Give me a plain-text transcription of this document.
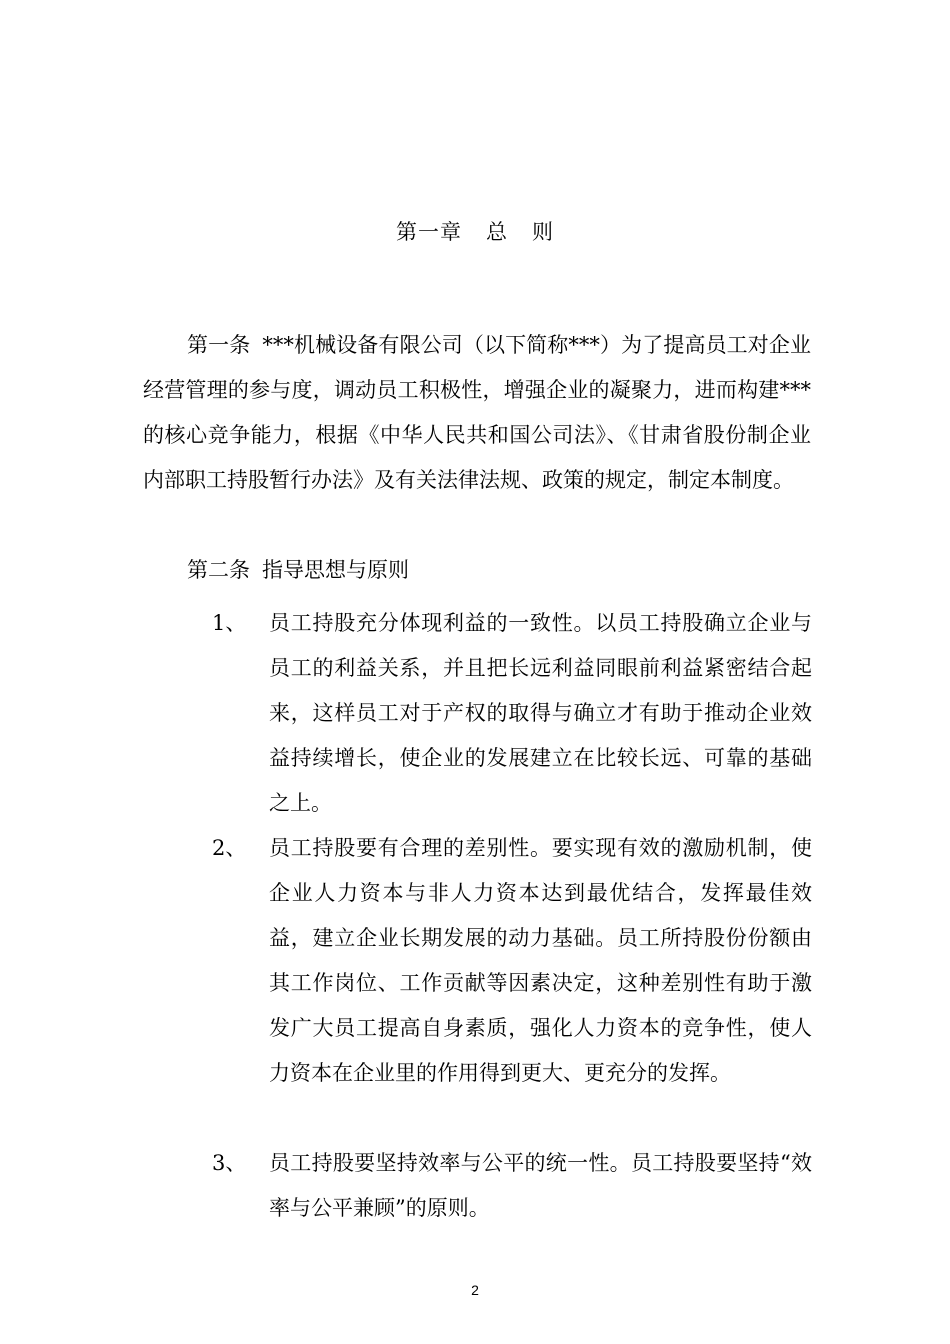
第一章 总 则

第一条 ***机械设备有限公司（以下简称***）为了提高员工对企业经营管理的参与度，调动员工积极性，增强企业的凝聚力，进而构建***的核心竞争能力，根据《中华人民共和国公司法》、《甘肃省股份制企业内部职工持股暂行办法》及有关法律法规、政策的规定，制定本制度。

第二条 指导思想与原则

1、	员工持股充分体现利益的一致性。以员工持股确立企业与员工的利益关系，并且把长远利益同眼前利益紧密结合起来，这样员工对于产权的取得与确立才有助于推动企业效益持续增长，使企业的发展建立在比较长远、可靠的基础之上。
2、	员工持股要有合理的差别性。要实现有效的激励机制，使企业人力资本与非人力资本达到最优结合，发挥最佳效益，建立企业长期发展的动力基础。员工所持股份份额由其工作岗位、工作贡献等因素决定，这种差别性有助于激发广大员工提高自身素质，强化人力资本的竞争性，使人力资本在企业里的作用得到更大、更充分的发挥。
3、	员工持股要坚持效率与公平的统一性。员工持股要坚持“效率与公平兼顾”的原则。
2
